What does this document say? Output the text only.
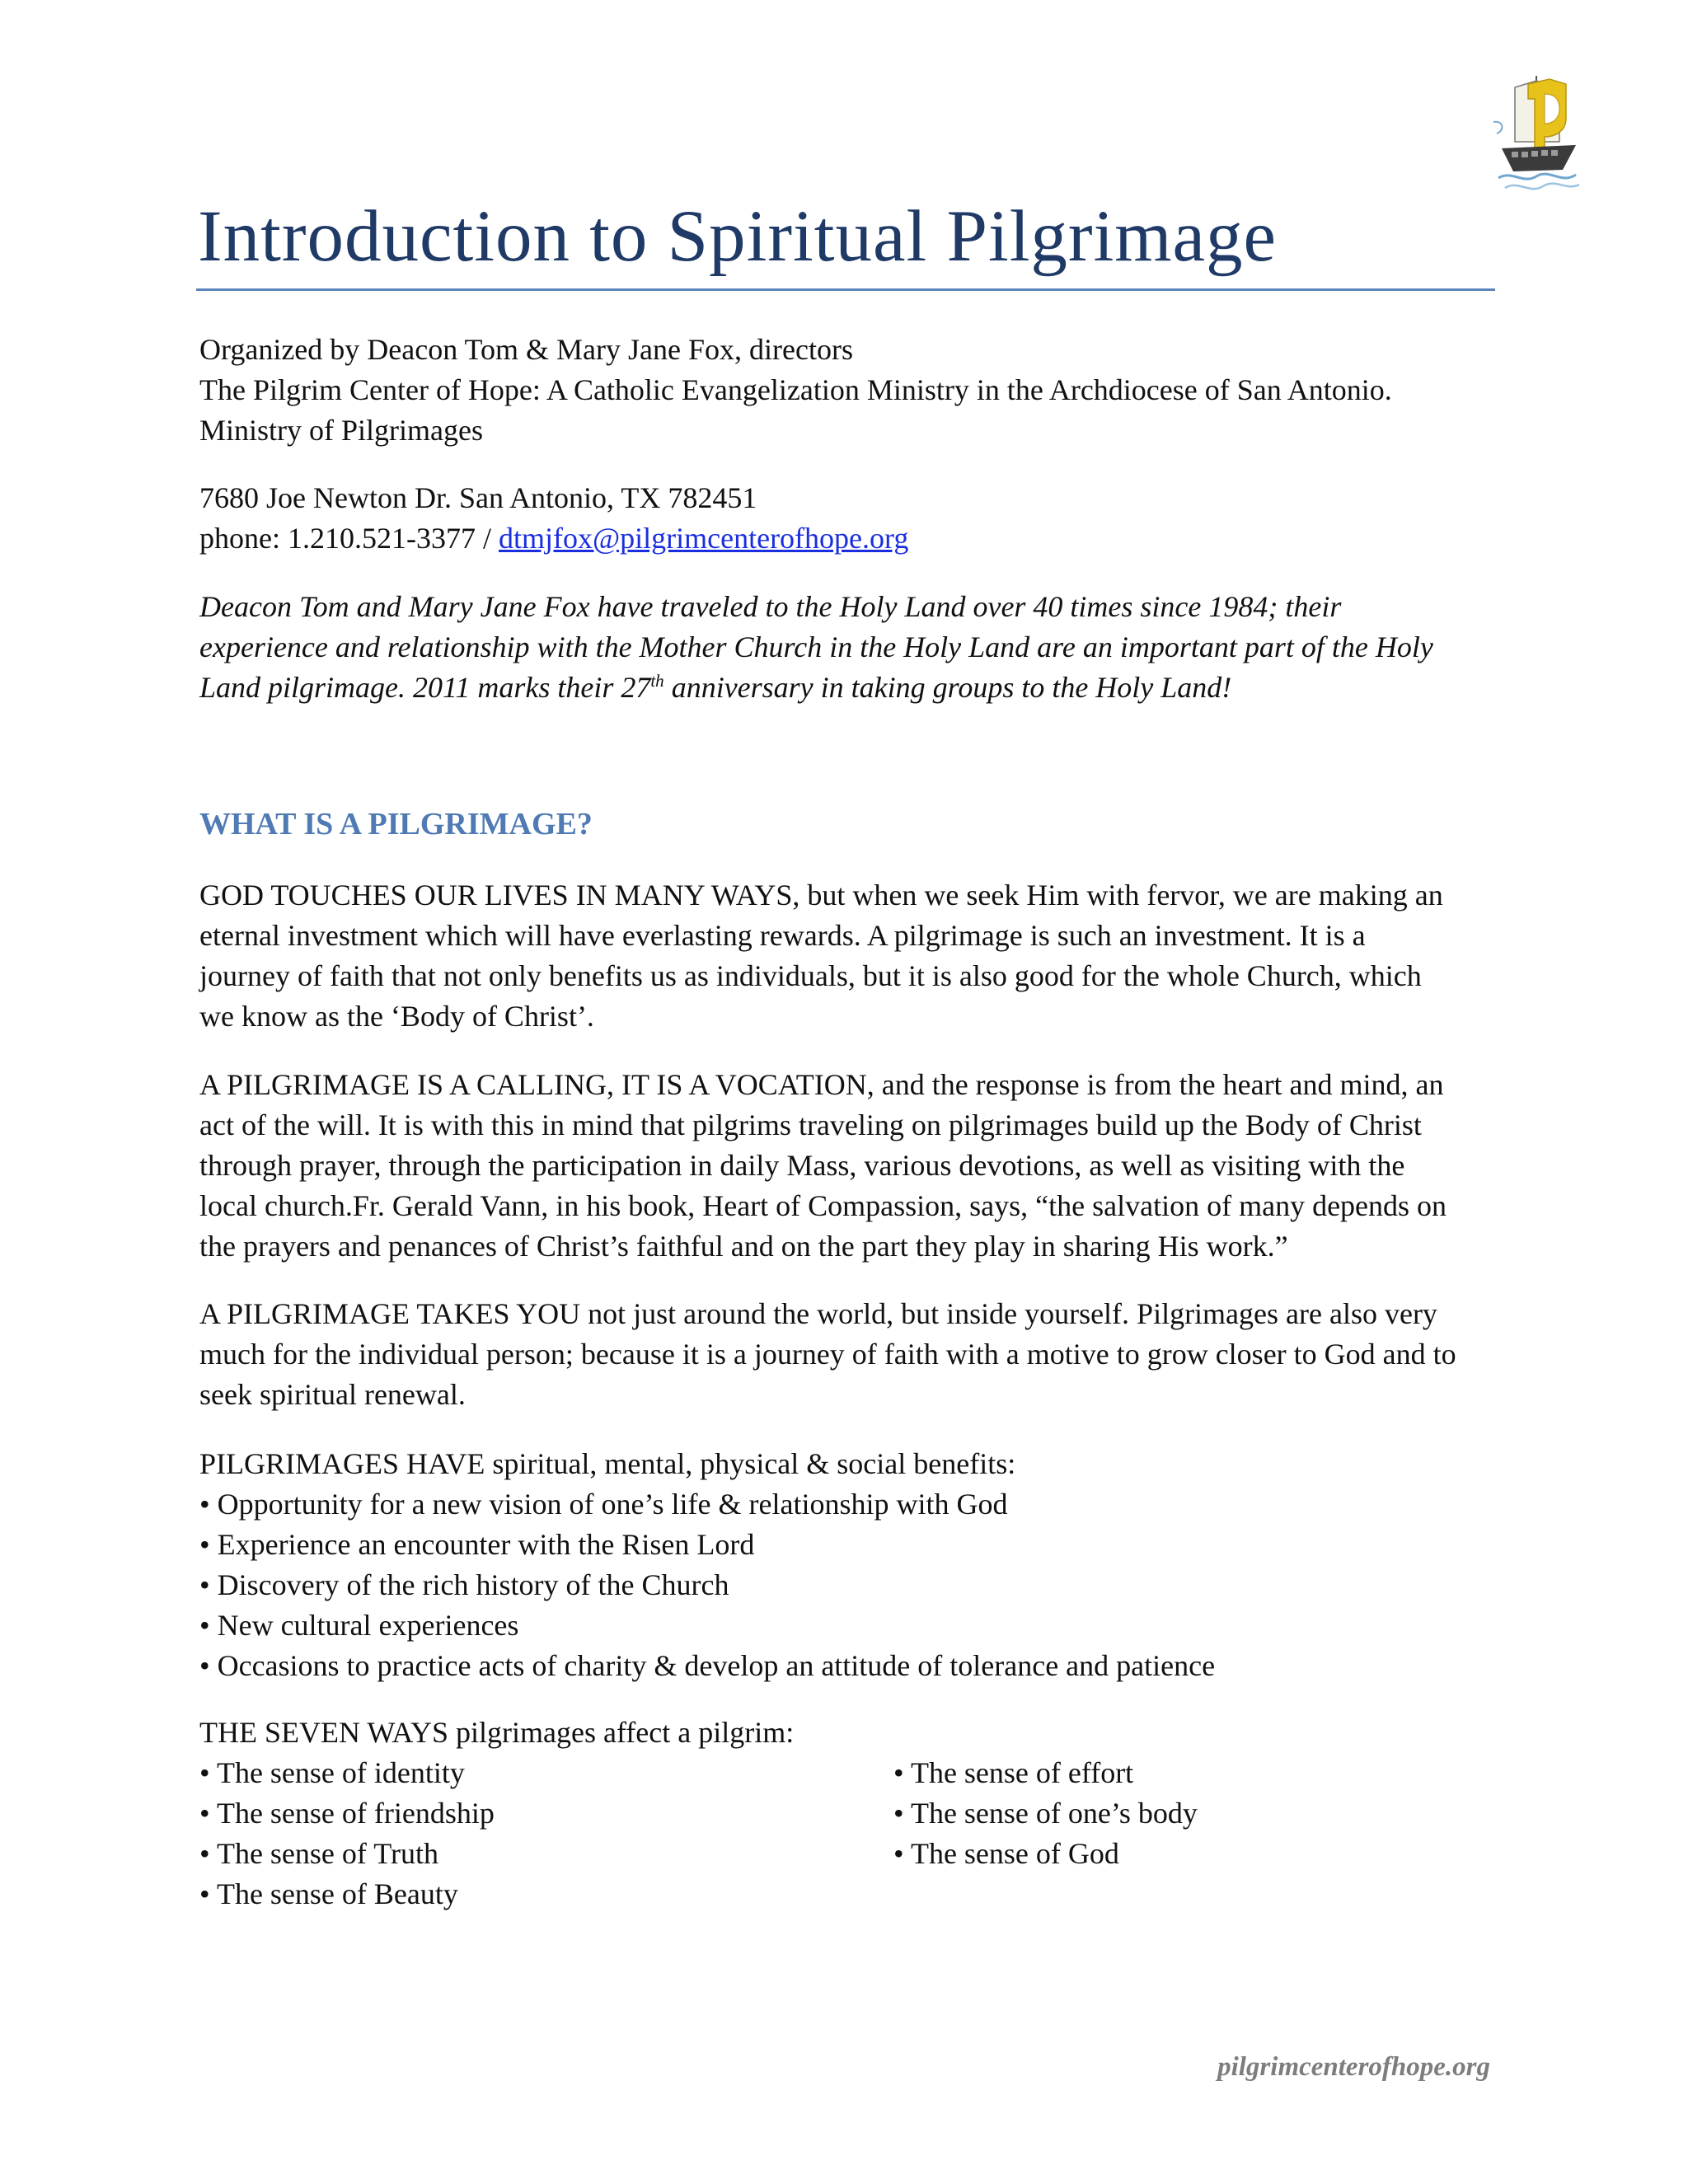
Introduction to Spiritual Pilgrimage
Organized by Deacon Tom & Mary Jane Fox, directors
The Pilgrim Center of Hope: A Catholic Evangelization Ministry in the Archdiocese of San Antonio.
Ministry of Pilgrimages
7680 Joe Newton Dr. San Antonio, TX 782451
phone: 1.210.521-3377 / dtmjfox@pilgrimcenterofhope.org
Deacon Tom and Mary Jane Fox have traveled to the Holy Land over 40 times since 1984; their
experience and relationship with the Mother Church in the Holy Land are an important part of the Holy
Land pilgrimage. 2011 marks their 27th anniversary in taking groups to the Holy Land!
WHAT IS A PILGRIMAGE?
GOD TOUCHES OUR LIVES IN MANY WAYS, but when we seek Him with fervor, we are making an
eternal investment which will have everlasting rewards. A pilgrimage is such an investment. It is a
journey of faith that not only benefits us as individuals, but it is also good for the whole Church, which
we know as the ‘Body of Christ’.
A PILGRIMAGE IS A CALLING, IT IS A VOCATION, and the response is from the heart and mind, an
act of the will. It is with this in mind that pilgrims traveling on pilgrimages build up the Body of Christ
through prayer, through the participation in daily Mass, various devotions, as well as visiting with the
local church.Fr. Gerald Vann, in his book, Heart of Compassion, says, “the salvation of many depends on
the prayers and penances of Christ’s faithful and on the part they play in sharing His work.”
A PILGRIMAGE TAKES YOU not just around the world, but inside yourself. Pilgrimages are also very
much for the individual person; because it is a journey of faith with a motive to grow closer to God and to
seek spiritual renewal.
PILGRIMAGES HAVE spiritual, mental, physical & social benefits:
• Opportunity for a new vision of one’s life & relationship with God
• Experience an encounter with the Risen Lord
• Discovery of the rich history of the Church
• New cultural experiences
• Occasions to practice acts of charity & develop an attitude of tolerance and patience
THE SEVEN WAYS pilgrimages affect a pilgrim:
• The sense of identity
• The sense of friendship
• The sense of Truth
• The sense of Beauty
• The sense of effort
• The sense of one’s body
• The sense of God
pilgrimcenterofhope.org
